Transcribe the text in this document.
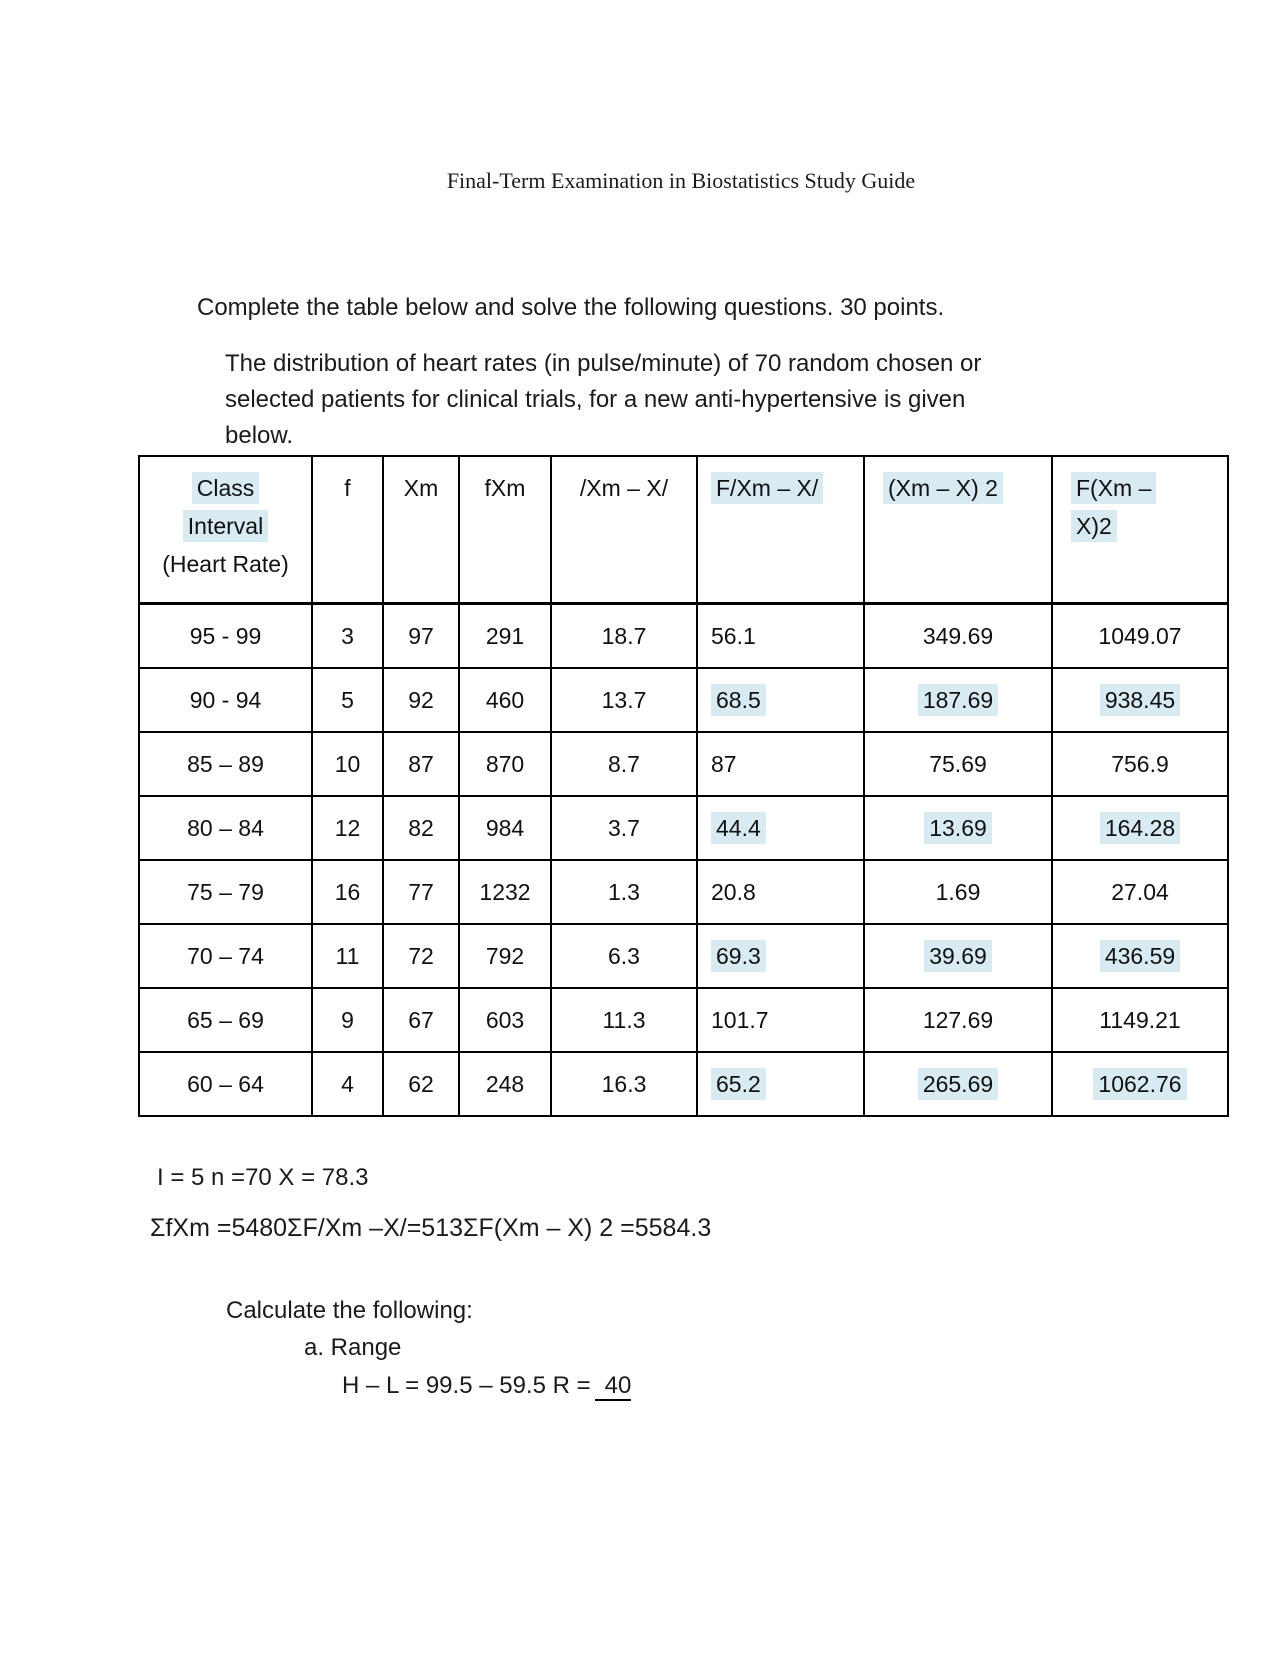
Final-Term Examination in Biostatistics Study Guide
Complete the table below and solve the following questions. 30 points.
The distribution of heart rates (in pulse/minute) of 70 random chosen or
selected patients for clinical trials, for a new anti-hypertensive is given
below.
Class
Interval
(Heart Rate)	f	Xm	fXm	/Xm – X/	F/Xm – X/	(Xm – X) 2	F(Xm –
X)2
95 - 99	3	97	291	18.7	56.1	349.69	1049.07
90 - 94	5	92	460	13.7	68.5	187.69	938.45
85 – 89	10	87	870	8.7	87	75.69	756.9
80 – 84	12	82	984	3.7	44.4	13.69	164.28
75 – 79	16	77	1232	1.3	20.8	1.69	27.04
70 – 74	11	72	792	6.3	69.3	39.69	436.59
65 – 69	9	67	603	11.3	101.7	127.69	1149.21
60 – 64	4	62	248	16.3	65.2	265.69	1062.76
I = 5 n =70 X = 78.3
ΣfXm =5480ΣF/Xm –X/=513ΣF(Xm – X) 2 =5584.3
Calculate the following:
a. Range
H – L = 99.5 – 59.5 R = 40
